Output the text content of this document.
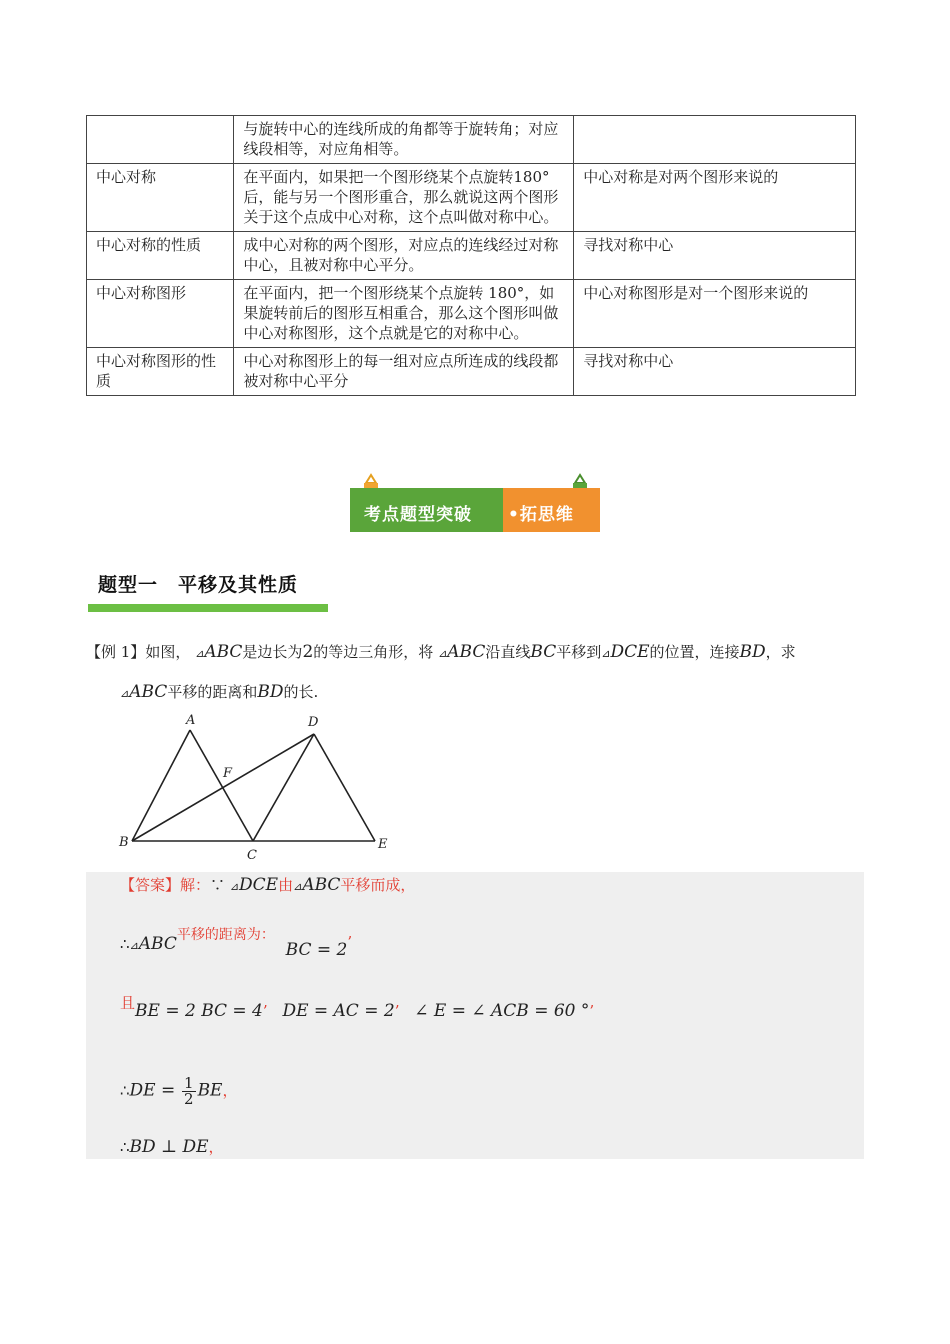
	与旋转中心的连线所成的角都等于旋转角；对应线段相等，对应角相等。	
中心对称	在平面内，如果把一个图形绕某个点旋转180°后，能与另一个图形重合，那么就说这两个图形关于这个点成中心对称，这个点叫做对称中心。	中心对称是对两个图形来说的
中心对称的性质	成中心对称的两个图形，对应点的连线经过对称中心，且被对称中心平分。	寻找对称中心
中心对称图形	在平面内，把一个图形绕某个点旋转 180°，如果旋转前后的图形互相重合，那么这个图形叫做中心对称图形，这个点就是它的对称中心。	中心对称图形是对一个图形来说的
中心对称图形的性质	中心对称图形上的每一组对应点所连成的线段都被对称中心平分	寻找对称中心
考点题型突破 •拓思维
题型一 平移及其性质
【例 1】如图， ⊿ABC是边长为2的等边三角形，将 ⊿ABC沿直线BC平移到⊿DCE的位置，连接BD，求
⊿ABC平移的距离和BD的长.
A
B
C
D
E
F
【答案】解：∵ ⊿DCE由⊿ABC平移而成，
∴⊿ABC平移的距离为： BC = 2’
且BE = 2 BC = 4’ DE = AC = 2’ ∠ E = ∠ ACB = 60 °’
∴DE = $\frac{1}{2}$ BE，
∴BD ⊥ DE，
